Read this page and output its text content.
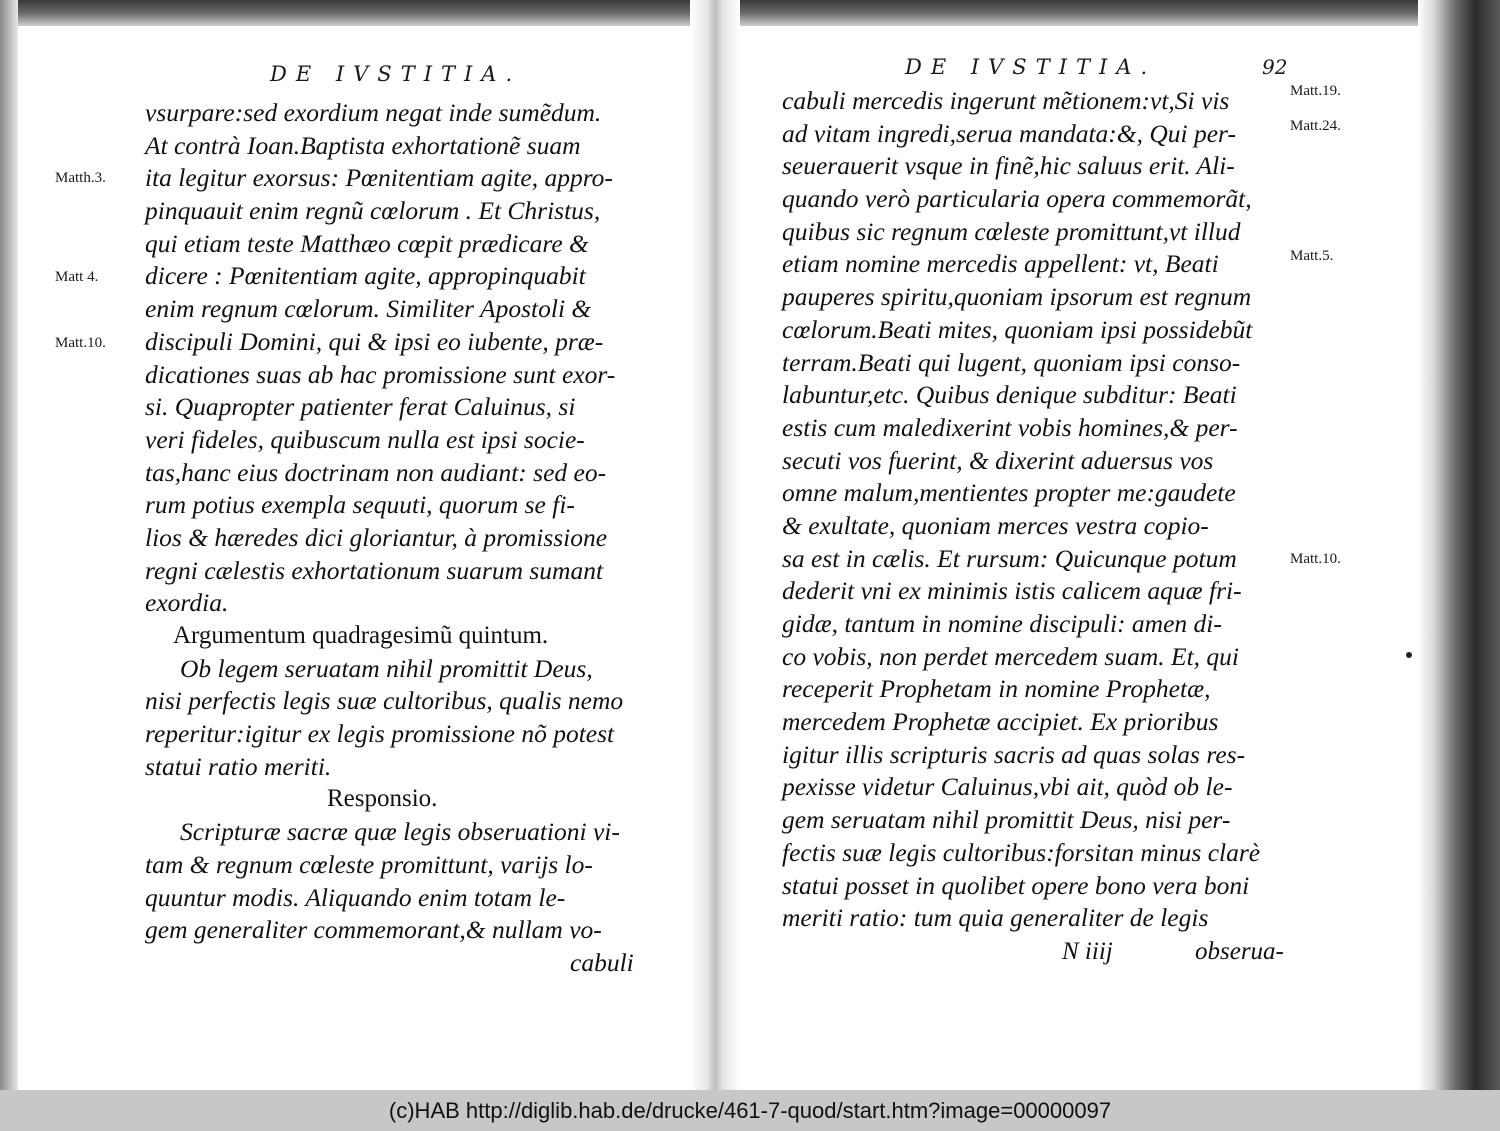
DE IVSTITIA.
Matth.3.
Matt 4.
Matt.10.
vsurpare:sed exordium negat inde sumẽdum.
At contrà Ioan.Baptista exhortationẽ suam
ita legitur exorsus: Pœnitentiam agite, appro-
pinquauit enim regnũ cœlorum . Et Christus,
qui etiam teste Matthæo cœpit prædicare &
dicere : Pœnitentiam agite, appropinquabit
enim regnum cœlorum. Similiter Apostoli &
discipuli Domini, qui & ipsi eo iubente, præ-
dicationes suas ab hac promissione sunt exor-
si. Quapropter patienter ferat Caluinus, si
veri fideles, quibuscum nulla est ipsi socie-
tas,hanc eius doctrinam non audiant: sed eo-
rum potius exempla sequuti, quorum se fi-
lios & hæredes dici gloriantur, à promissione
regni cælestis exhortationum suarum sumant
exordia.
Argumentum quadragesimũ quintum.
Ob legem seruatam nihil promittit Deus,
nisi perfectis legis suæ cultoribus, qualis nemo
reperitur:igitur ex legis promissione nõ potest
statui ratio meriti.
Responsio.
Scripturæ sacræ quæ legis obseruationi vi-
tam & regnum cœleste promittunt, varijs lo-
quuntur modis. Aliquando enim totam le-
gem generaliter commemorant,& nullam vo-
cabuli
DE IVSTITIA.	92
Matt.19.
Matt.24.
Matt.5.
Matt.10.
cabuli mercedis ingerunt mẽtionem:vt,Si vis
ad vitam ingredi,serua mandata:&, Qui per-
seuerauerit vsque in finẽ,hic saluus erit. Ali-
quando verò particularia opera commemorãt,
quibus sic regnum cœleste promittunt,vt illud
etiam nomine mercedis appellent: vt, Beati
pauperes spiritu,quoniam ipsorum est regnum
cœlorum.Beati mites, quoniam ipsi possidebũt
terram.Beati qui lugent, quoniam ipsi conso-
labuntur,etc. Quibus denique subditur: Beati
estis cum maledixerint vobis homines,& per-
secuti vos fuerint, & dixerint aduersus vos
omne malum,mentientes propter me:gaudete
& exultate, quoniam merces vestra copio-
sa est in cælis. Et rursum: Quicunque potum
dederit vni ex minimis istis calicem aquæ fri-
gidæ, tantum in nomine discipuli: amen di-
co vobis, non perdet mercedem suam. Et, qui
receperit Prophetam in nomine Prophetæ,
mercedem Prophetæ accipiet. Ex prioribus
igitur illis scripturis sacris ad quas solas res-
pexisse videtur Caluinus,vbi ait, quòd ob le-
gem seruatam nihil promittit Deus, nisi per-
fectis suæ legis cultoribus:forsitan minus clarè
statui posset in quolibet opere bono vera boni
meriti ratio: tum quia generaliter de legis
N iiij	obserua-
(c)HAB http://diglib.hab.de/drucke/461-7-quod/start.htm?image=00000097
